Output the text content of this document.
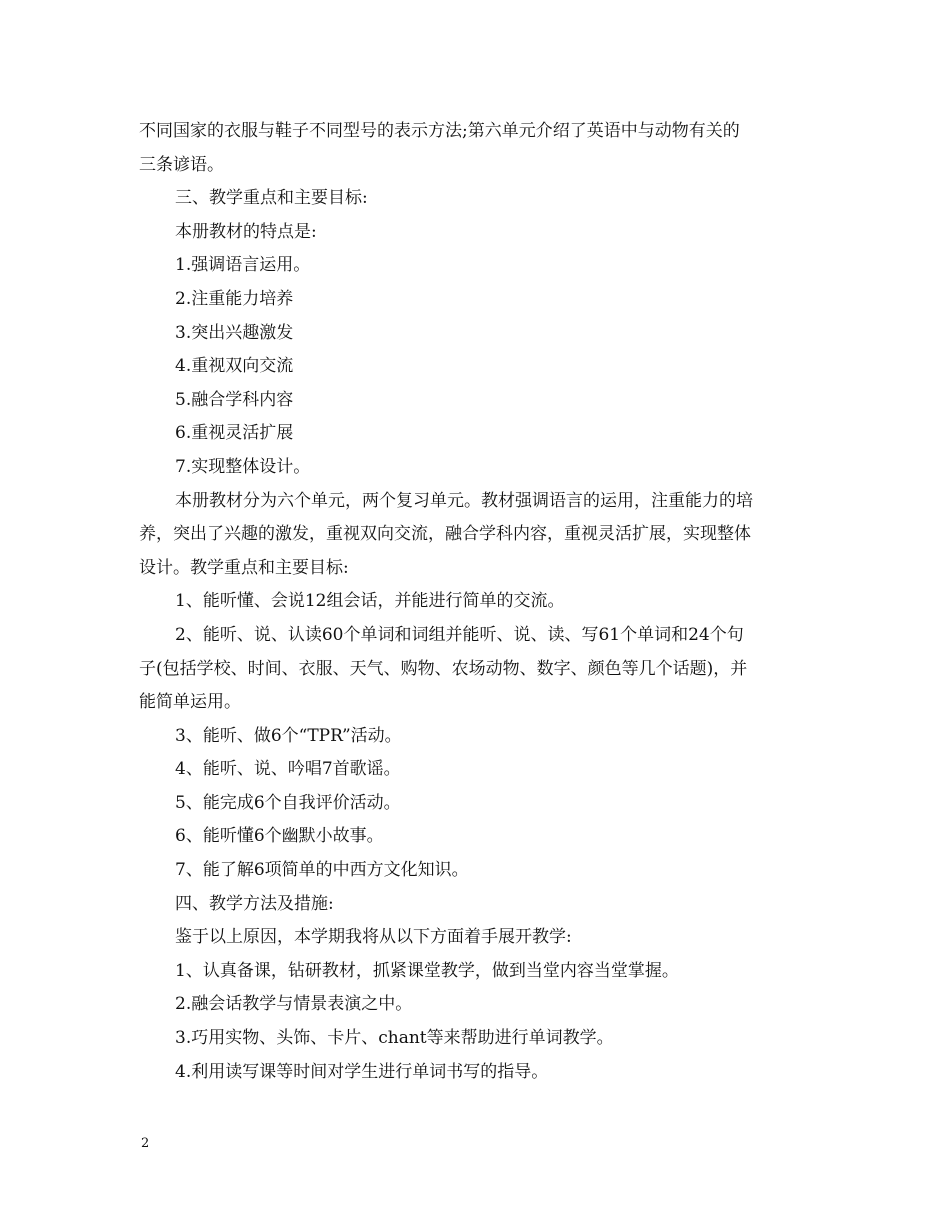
不同国家的衣服与鞋子不同型号的表示方法;第六单元介绍了英语中与动物有关的
三条谚语。
三、教学重点和主要目标:
本册教材的特点是:
1.强调语言运用。
2.注重能力培养
3.突出兴趣激发
4.重视双向交流
5.融合学科内容
6.重视灵活扩展
7.实现整体设计。
本册教材分为六个单元，两个复习单元。教材强调语言的运用，注重能力的培
养，突出了兴趣的激发，重视双向交流，融合学科内容，重视灵活扩展，实现整体
设计。教学重点和主要目标:
1、能听懂、会说12组会话，并能进行简单的交流。
2、能听、说、认读60个单词和词组并能听、说、读、写61个单词和24个句
子(包括学校、时间、衣服、天气、购物、农场动物、数字、颜色等几个话题)，并
能简单运用。
3、能听、做6个“TPR”活动。
4、能听、说、吟唱7首歌谣。
5、能完成6个自我评价活动。
6、能听懂6个幽默小故事。
7、能了解6项简单的中西方文化知识。
四、教学方法及措施:
鉴于以上原因，本学期我将从以下方面着手展开教学:
1、认真备课，钻研教材，抓紧课堂教学，做到当堂内容当堂掌握。
2.融会话教学与情景表演之中。
3.巧用实物、头饰、卡片、chant等来帮助进行单词教学。
4.利用读写课等时间对学生进行单词书写的指导。
2
